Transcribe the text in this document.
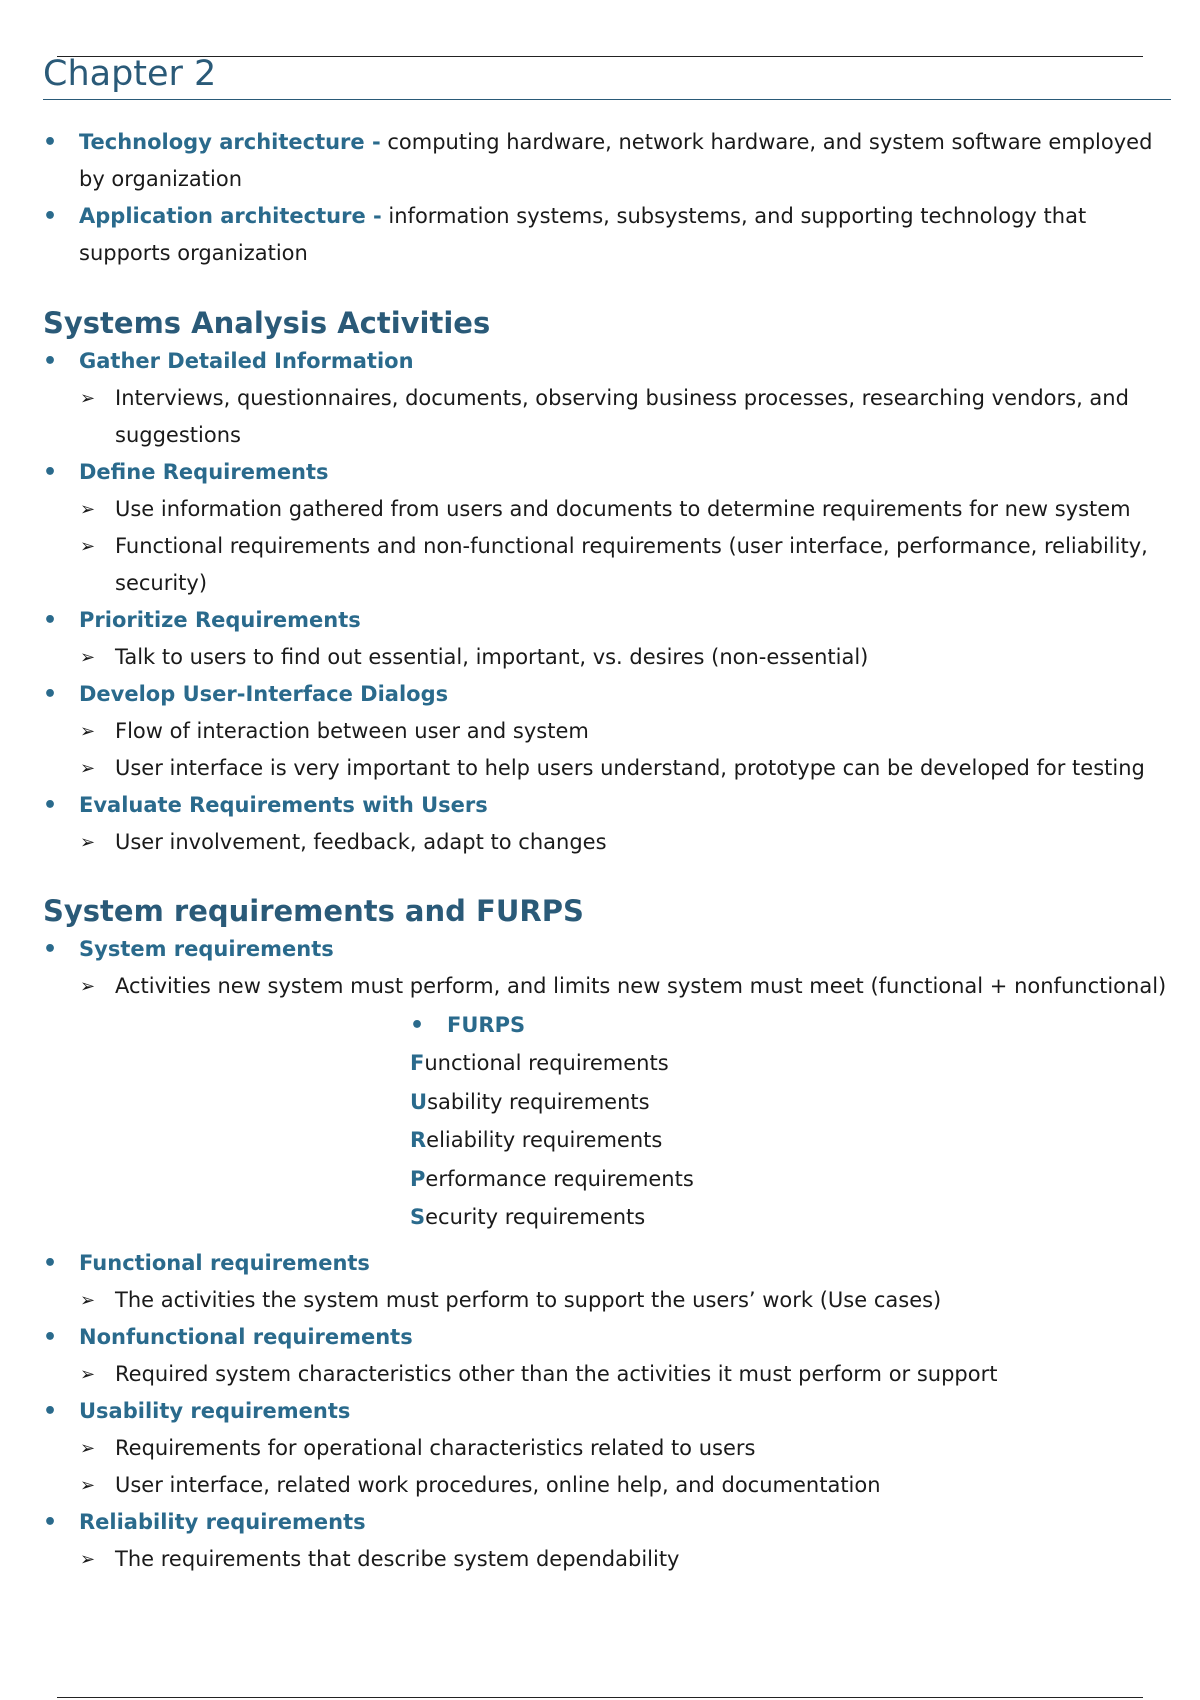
Chapter 2
• Technology architecture - computing hardware, network hardware, and system software employed by organization
• Application architecture - information systems, subsystems, and supporting technology that supports organization
Systems Analysis Activities
• Gather Detailed Information
➢ Interviews, questionnaires, documents, observing business processes, researching vendors, and suggestions
• Define Requirements
➢ Use information gathered from users and documents to determine requirements for new system
➢ Functional requirements and non-functional requirements (user interface, performance, reliability, security)
• Prioritize Requirements
➢ Talk to users to find out essential, important, vs. desires (non-essential)
• Develop User-Interface Dialogs
➢ Flow of interaction between user and system
➢ User interface is very important to help users understand, prototype can be developed for testing
• Evaluate Requirements with Users
➢ User involvement, feedback, adapt to changes
System requirements and FURPS
• System requirements
➢ Activities new system must perform, and limits new system must meet (functional + nonfunctional)
• FURPS
Functional requirements
Usability requirements
Reliability requirements
Performance requirements
Security requirements
• Functional requirements
➢ The activities the system must perform to support the users’ work (Use cases)
• Nonfunctional requirements
➢ Required system characteristics other than the activities it must perform or support
• Usability requirements
➢ Requirements for operational characteristics related to users
➢ User interface, related work procedures, online help, and documentation
• Reliability requirements
➢ The requirements that describe system dependability
